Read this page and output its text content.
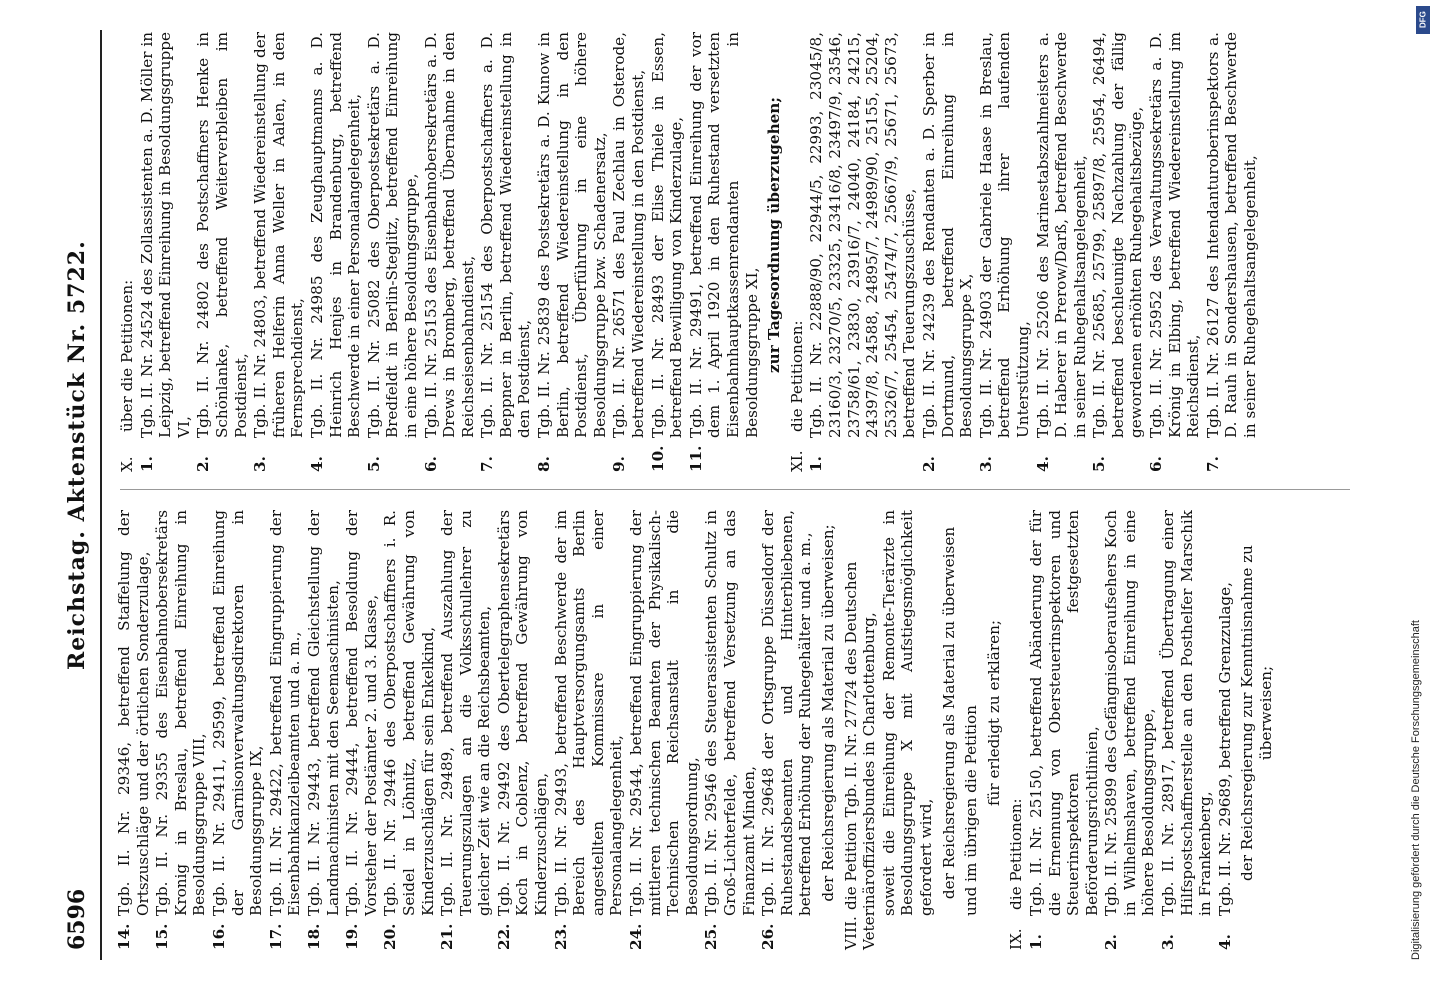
6596
Reichstag. Aktenstück Nr. 5722.
14.
Tgb. II. Nr. 29346, betreffend Staffelung der Ortszuschläge und der örtlichen Sonderzulage,
15.
Tgb. II. Nr. 29355 des Eisenbahnobersekretärs Kronig in Breslau, betreffend Einreihung in Besoldungsgruppe VIII,
16.
Tgb. II. Nr. 29411, 29599, betreffend Einreihung der Garnisonverwaltungsdirektoren in Besoldungsgruppe IX,
17.
Tgb. II. Nr. 29422, betreffend Eingruppierung der Eisenbahnkanzleibeamten und a. m.,
18.
Tgb. II. Nr. 29443, betreffend Gleichstellung der Landmachinisten mit den Seemaschinisten,
19.
Tgb. II. Nr. 29444, betreffend Besoldung der Vorsteher der Postämter 2. und 3. Klasse,
20.
Tgb. II. Nr. 29446 des Oberpostschaffners i. R. Seidel in Löhnitz, betreffend Gewährung von Kinderzuschlägen für sein Enkelkind,
21.
Tgb. II. Nr. 29489, betreffend Auszahlung der Teuerungszulagen an die Volksschullehrer zu gleicher Zeit wie an die Reichsbeamten,
22.
Tgb. II. Nr. 29492 des Obertelegraphensekretärs Koch in Coblenz, betreffend Gewährung von Kinderzuschlägen,
23.
Tgb. II. Nr. 29493, betreffend Beschwerde der im Bereich des Hauptversorgungsamts Berlin angestellten Kommissare in einer Personalangelegenheit,
24.
Tgb. II. Nr. 29544, betreffend Eingruppierung der mittleren technischen Beamten der Physikalisch-Technischen Reichsanstalt in die Besoldungsordnung,
25.
Tgb. II. Nr. 29546 des Steuerassistenten Schultz in Groß-Lichterfelde, betreffend Versetzung an das Finanzamt Minden,
26.
Tgb. II. Nr. 29648 der Ortsgruppe Düsseldorf der Ruhestandsbeamten und Hinterbliebenen, betreffend Erhöhung der Ruhegehälter und a. m., der Reichsregierung als Material zu überweisen;
VIII.die Petition Tgb. II. Nr. 27724 des Deutschen Veterinäroffiziersbundes in Charlottenburg, soweit die Einreihung der Remonte-Tierärzte in Besoldungsgruppe X mit Aufstiegsmöglichkeit gefordert wird, der Reichsregierung als Material zu überweisen und im übrigen die Petition für erledigt zu erklären;
IX.die Petitionen:
1.
Tgb. II. Nr. 25150, betreffend Abänderung der für die Ernennung von Obersteuerinspektoren und Steuerinspektoren festgesetzten Beförderungsrichtlinien,
2.
Tgb. II. Nr. 25899 des Gefängnisoberaufsehers Koch in Wilhelmshaven, betreffend Einreihung in eine höhere Besoldungsgruppe,
3.
Tgb. II. Nr. 28917, betreffend Übertragung einer Hilfspostschaffnerstelle an den Posthelfer Marschik in Frankenberg,
4.
Tgb. II. Nr. 29689, betreffend Grenzzulage, der Reichsregierung zur Kenntnisnahme zu überweisen;
X.über die Petitionen:
1.
Tgb. II. Nr. 24524 des Zollassistenten a. D. Möller in Leipzig, betreffend Einreihung in Besoldungsgruppe VI,
2.
Tgb. II. Nr. 24802 des Postschaffners Henke in Schönlanke, betreffend Weiterverbleiben im Postdienst,
3.
Tgb. II. Nr. 24803, betreffend Wiedereinstellung der früheren Helferin Anna Weller in Aalen, in den Fernsprechdienst,
4.
Tgb. II. Nr. 24985 des Zeughauptmanns a. D. Heinrich Henjes in Brandenburg, betreffend Beschwerde in einer Personalangelegenheit,
5.
Tgb. II. Nr. 25082 des Oberpostsekretärs a. D. Bredfeldt in Berlin-Steglitz, betreffend Einreihung in eine höhere Besoldungsgruppe,
6.
Tgb. II. Nr. 25153 des Eisenbahnobersekretärs a. D. Drews in Bromberg, betreffend Übernahme in den Reichseisenbahndienst,
7.
Tgb. II. Nr. 25154 des Oberpostschaffners a. D. Beppner in Berlin, betreffend Wiedereinstellung in den Postdienst,
8.
Tgb. II. Nr. 25839 des Postsekretärs a. D. Kunow in Berlin, betreffend Wiedereinstellung in den Postdienst, Überführung in eine höhere Besoldungsgruppe bzw. Schadenersatz,
9.
Tgb. II. Nr. 26571 des Paul Zechlau in Osterode, betreffend Wiedereinstellung in den Postdienst,
10.
Tgb. II. Nr. 28493 der Elise Thiele in Essen, betreffend Bewilligung von Kinderzulage,
11.
Tgb. II. Nr. 29491, betreffend Einreihung der vor dem 1. April 1920 in den Ruhestand versetzten Eisenbahnhauptkassenrendanten in Besoldungsgruppe XI, zur Tagesordnung überzugehen;
XI.die Petitionen:
1.
Tgb. II. Nr. 22888/90, 22944/5, 22993, 23045/8, 23160/3, 23270/5, 23325, 23416/8, 23497/9, 23546, 23758/61, 23830, 23916/7, 24040, 24184, 24215, 24397/8, 24588, 24895/7, 24989/90, 25155, 25204, 25326/7, 25454, 25474/7, 25667/9, 25671, 25673, betreffend Teuerungszuschüsse,
2.
Tgb. II. Nr. 24239 des Rendanten a. D. Sperber in Dortmund, betreffend Einreihung in Besoldungsgruppe X,
3.
Tgb. II. Nr. 24903 der Gabriele Haase in Breslau, betreffend Erhöhung ihrer laufenden Unterstützung,
4.
Tgb. II. Nr. 25206 des Marinestabszahlmeisters a. D. Haberer in Prerow/Darß, betreffend Beschwerde in seiner Ruhegehaltsangelegenheit,
5.
Tgb. II. Nr. 25685, 25799, 25897/8, 25954, 26494, betreffend beschleunigte Nachzahlung der fällig gewordenen erhöhten Ruhegehaltsbezüge,
6.
Tgb. II. Nr. 25952 des Verwaltungssekretärs a. D. Krönig in Elbing, betreffend Wiedereinstellung im Reichsdienst,
7.
Tgb. II. Nr. 26127 des Intendanturoberinspektors a. D. Rauh in Sondershausen, betreffend Beschwerde in seiner Ruhegehaltsangelegenheit,
DFG
Digitalisierung gefördert durch die Deutsche Forschungsgemeinschaft
